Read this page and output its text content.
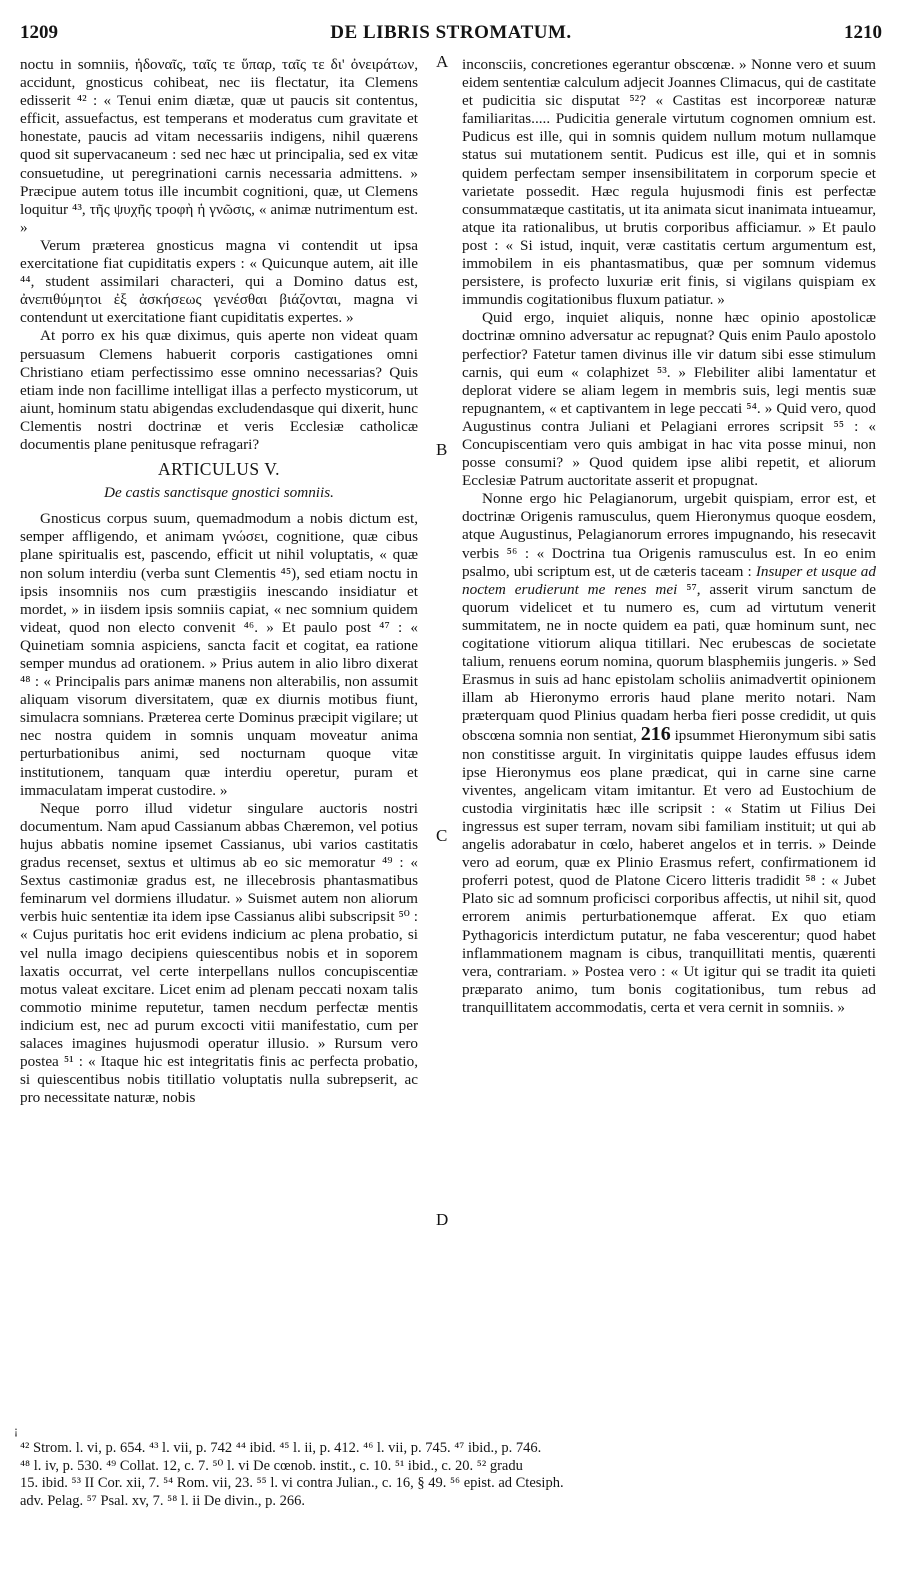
1209	DE LIBRIS STROMATUM.	1210
A
B
C
D

noctu in somniis, ἡδοναῖς, ταῖς τε ὕπαρ, ταῖς τε δι' ὀνειράτων, accidunt, gnosticus cohibeat, nec iis flectatur, ita Clemens edisserit ⁴² : « Tenui enim diætæ, quæ ut paucis sit contentus, efficit, assuefactus, est temperans et moderatus cum gravitate et honestate, paucis ad vitam necessariis indigens, nihil quærens quod sit supervacaneum : sed nec hæc ut principalia, sed ex vitæ consuetudine, ut peregrinationi carnis necessaria admittens. » Præcipue autem totus ille incumbit cognitioni, quæ, ut Clemens loquitur ⁴³, τῆς ψυχῆς τροφὴ ἡ γνῶσις, « animæ nutrimentum est. »

Verum præterea gnosticus magna vi contendit ut ipsa exercitatione fiat cupiditatis expers : « Quicunque autem, ait ille ⁴⁴, student assimilari characteri, qui a Domino datus est, ἀνεπιθύμητοι ἐξ ἀσκήσεως γενέσθαι βιάζονται, magna vi contendunt ut exercitatione fiant cupiditatis expertes. »

At porro ex his quæ diximus, quis aperte non videat quam persuasum Clemens habuerit corporis castigationes omni Christiano etiam perfectissimo esse omnino necessarias? Quis etiam inde non facillime intelligat illas a perfecto mysticorum, ut aiunt, hominum statu abigendas excludendasque qui dixerit, hunc Clementis nostri doctrinæ et veris Ecclesiæ catholicæ documentis plane penitusque refragari?

ARTICULUS V.
De castis sanctisque gnostici somniis.

Gnosticus corpus suum, quemadmodum a nobis dictum est, semper affligendo, et animam γνώσει, cognitione, quæ cibus plane spiritualis est, pascendo, efficit ut nihil voluptatis, « quæ non solum interdiu (verba sunt Clementis ⁴⁵), sed etiam noctu in ipsis insomniis nos cum præstigiis inescando insidiatur et mordet, » in iisdem ipsis somniis capiat, « nec somnium quidem videat, quod non electo convenit ⁴⁶. » Et paulo post ⁴⁷ : « Quinetiam somnia aspiciens, sancta facit et cogitat, ea ratione semper mundus ad orationem. » Prius autem in alio libro dixerat ⁴⁸ : « Principalis pars animæ manens non alterabilis, non assumit aliquam visorum diversitatem, quæ ex diurnis motibus fiunt, simulacra somnians. Præterea certe Dominus præcipit vigilare; ut nec nostra quidem in somnis unquam moveatur anima perturbationibus animi, sed nocturnam quoque vitæ institutionem, tanquam quæ interdiu operetur, puram et immaculatam imperat custodire. »

Neque porro illud videtur singulare auctoris nostri documentum. Nam apud Cassianum abbas Chæremon, vel potius hujus abbatis nomine ipsemet Cassianus, ubi varios castitatis gradus recenset, sextus et ultimus ab eo sic memoratur ⁴⁹ : « Sextus castimoniæ gradus est, ne illecebrosis phantasmatibus feminarum vel dormiens illudatur. » Suismet autem non aliorum verbis huic sententiæ ita idem ipse Cassianus alibi subscripsit ⁵⁰ : « Cujus puritatis hoc erit evidens indicium ac plena probatio, si vel nulla imago decipiens quiescentibus nobis et in soporem laxatis occurrat, vel certe interpellans nullos concupiscentiæ motus valeat excitare. Licet enim ad plenam peccati noxam talis commotio minime reputetur, tamen necdum perfectæ mentis indicium est, nec ad purum excocti vitii manifestatio, cum per salaces imagines hujusmodi operatur illusio. » Rursum vero postea ⁵¹ : « Itaque hic est integritatis finis ac perfecta probatio, si quiescentibus nobis titillatio voluptatis nulla subrepserit, ac pro necessitate naturæ, nobis

inconsciis, concretiones egerantur obscœnæ. » Nonne vero et suum eidem sententiæ calculum adjecit Joannes Climacus, qui de castitate et pudicitia sic disputat ⁵²? « Castitas est incorporeæ naturæ familiaritas..... Pudicitia generale virtutum cognomen omnium est. Pudicus est ille, qui in somnis quidem nullum motum nullamque status sui mutationem sentit. Pudicus est ille, qui et in somnis quidem perfectam semper insensibilitatem in corporum specie et varietate possedit. Hæc regula hujusmodi finis est perfectæ consummatæque castitatis, ut ita animata sicut inanimata intueamur, atque ita rationalibus, ut brutis corporibus afficiamur. » Et paulo post : « Si istud, inquit, veræ castitatis certum argumentum est, immobilem in eis phantasmatibus, quæ per somnum videmus persistere, is profecto luxuriæ erit finis, si vigilans quispiam ex immundis cogitationibus fluxum patiatur. »

Quid ergo, inquiet aliquis, nonne hæc opinio apostolicæ doctrinæ omnino adversatur ac repugnat? Quis enim Paulo apostolo perfectior? Fatetur tamen divinus ille vir datum sibi esse stimulum carnis, qui eum « colaphizet ⁵³. » Flebiliter alibi lamentatur et deplorat videre se aliam legem in membris suis, legi mentis suæ repugnantem, « et captivantem in lege peccati ⁵⁴. » Quid vero, quod Augustinus contra Juliani et Pelagiani errores scripsit ⁵⁵ : « Concupiscentiam vero quis ambigat in hac vita posse minui, non posse consumi? » Quod quidem ipse alibi repetit, et aliorum Ecclesiæ Patrum auctoritate asserit et propugnat.

Nonne ergo hic Pelagianorum, urgebit quispiam, error est, et doctrinæ Origenis ramusculus, quem Hieronymus quoque eosdem, atque Augustinus, Pelagianorum errores impugnando, his resecavit verbis ⁵⁶ : « Doctrina tua Origenis ramusculus est. In eo enim psalmo, ubi scriptum est, ut de cæteris taceam : Insuper et usque ad noctem erudierunt me renes mei ⁵⁷, asserit virum sanctum de quorum videlicet et tu numero es, cum ad virtutum venerit summitatem, ne in nocte quidem ea pati, quæ hominum sunt, nec cogitatione vitiorum aliqua titillari. Nec erubescas de societate talium, renuens eorum nomina, quorum blasphemiis jungeris. » Sed Erasmus in suis ad hanc epistolam scholiis animadvertit opinionem illam ab Hieronymo erroris haud plane merito notari. Nam præterquam quod Plinius quadam herba fieri posse credidit, ut quis obscœna somnia non sentiat, 216 ipsummet Hieronymum sibi satis non constitisse arguit. In virginitatis quippe laudes effusus idem ipse Hieronymus eos plane prædicat, qui in carne sine carne viventes, angelicam vitam imitantur. Et vero ad Eustochium de custodia virginitatis hæc ille scripsit : « Statim ut Filius Dei ingressus est super terram, novam sibi familiam instituit; ut qui ab angelis adorabatur in cœlo, haberet angelos et in terris. » Deinde vero ad eorum, quæ ex Plinio Erasmus refert, confirmationem id proferri potest, quod de Platone Cicero litteris tradidit ⁵⁸ : « Jubet Plato sic ad somnum proficisci corporibus affectis, ut nihil sit, quod errorem animis perturbationemque afferat. Ex quo etiam Pythagoricis interdictum putatur, ne faba vescerentur; quod habet inflammationem magnam is cibus, tranquillitati mentis, quærenti vera, contrariam. » Postea vero : « Ut igitur qui se tradit ita quieti præparato animo, tum bonis cogitationibus, tum rebus ad tranquillitatem accommodatis, certa et vera cernit in somniis. »

¡
⁴² Strom. l. vi, p. 654. ⁴³ l. vii, p. 742 ⁴⁴ ibid. ⁴⁵ l. ii, p. 412. ⁴⁶ l. vii, p. 745. ⁴⁷ ibid., p. 746.
⁴⁸ l. iv, p. 530. ⁴⁹ Collat. 12, c. 7. ⁵⁰ l. vi De cœnob. instit., c. 10. ⁵¹ ibid., c. 20. ⁵² gradu
15. ibid. ⁵³ II Cor. xii, 7. ⁵⁴ Rom. vii, 23. ⁵⁵ l. vi contra Julian., c. 16, § 49. ⁵⁶ epist. ad Ctesiph.
adv. Pelag. ⁵⁷ Psal. xv, 7. ⁵⁸ l. ii De divin., p. 266.
